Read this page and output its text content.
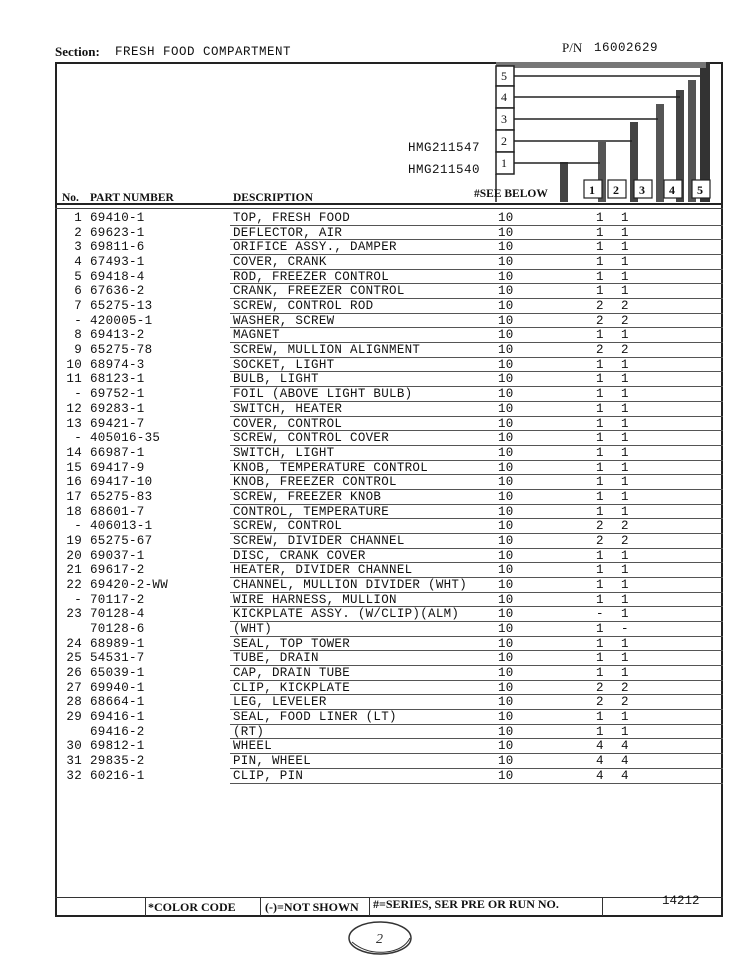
Section: FRESH FOOD COMPARTMENT	P/N 16002629
5
4
3
2
1
1 2 3 4 5
HMG211547
HMG211540
No. PART NUMBER	DESCRIPTION	#SEE BELOW
1 69410-1	TOP, FRESH FOOD	10	1 1
2 69623-1	DEFLECTOR, AIR	10	1 1
3 69811-6	ORIFICE ASSY., DAMPER	10	1 1
4 67493-1	COVER, CRANK	10	1 1
5 69418-4	ROD, FREEZER CONTROL	10	1 1
6 67636-2	CRANK, FREEZER CONTROL	10	1 1
7 65275-13	SCREW, CONTROL ROD	10	2 2
- 420005-1	WASHER, SCREW	10	2 2
8 69413-2	MAGNET	10	1 1
9 65275-78	SCREW, MULLION ALIGNMENT	10	2 2
10 68974-3	SOCKET, LIGHT	10	1 1
11 68123-1	BULB, LIGHT	10	1 1
- 69752-1	FOIL (ABOVE LIGHT BULB)	10	1 1
12 69283-1	SWITCH, HEATER	10	1 1
13 69421-7	COVER, CONTROL	10	1 1
- 405016-35	SCREW, CONTROL COVER	10	1 1
14 66987-1	SWITCH, LIGHT	10	1 1
15 69417-9	KNOB, TEMPERATURE CONTROL	10	1 1
16 69417-10	KNOB, FREEZER CONTROL	10	1 1
17 65275-83	SCREW, FREEZER KNOB	10	1 1
18 68601-7	CONTROL, TEMPERATURE	10	1 1
- 406013-1	SCREW, CONTROL	10	2 2
19 65275-67	SCREW, DIVIDER CHANNEL	10	2 2
20 69037-1	DISC, CRANK COVER	10	1 1
21 69617-2	HEATER, DIVIDER CHANNEL	10	1 1
22 69420-2-WW	CHANNEL, MULLION DIVIDER (WHT) 10	1 1
- 70117-2	WIRE HARNESS, MULLION	10	1 1
23 70128-4	KICKPLATE ASSY. (W/CLIP)(ALM)	10	- 1
70128-6	(WHT)	10	1 -
24 68989-1	SEAL, TOP TOWER	10	1 1
25 54531-7	TUBE, DRAIN	10	1 1
26 65039-1	CAP, DRAIN TUBE	10	1 1
27 69940-1	CLIP, KICKPLATE	10	2 2
28 68664-1	LEG, LEVELER	10	2 2
29 69416-1	SEAL, FOOD LINER (LT)	10	1 1
69416-2	(RT)	10	1 1
30 69812-1	WHEEL	10	4 4
31 29835-2	PIN, WHEEL	10	4 4
32 60216-1	CLIP, PIN	10	4 4
*COLOR CODE (-)=NOT SHOWN #=SERIES, SER PRE OR RUN NO.	14212
2
